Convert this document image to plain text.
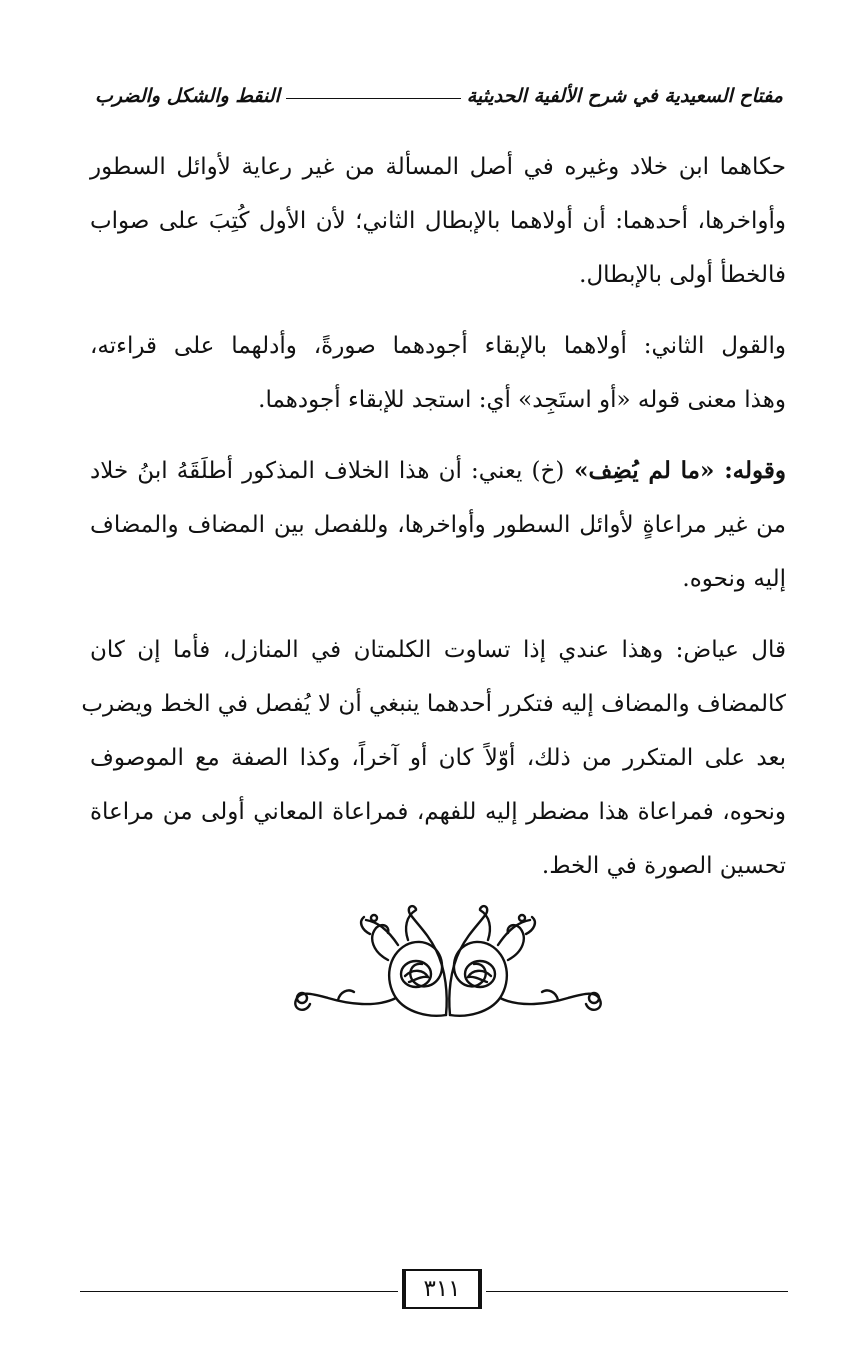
مفتاح السعيدية في شرح الألفية الحديثية
النقط والشكل والضرب
حكاهما ابن خلاد وغيره في أصل المسألة من غير رعاية لأوائل السطور
وأواخرها، أحدهما: أن أولاهما بالإبطال الثاني؛ لأن الأول كُتِبَ على صواب
فالخطأ أولى بالإبطال.
والقول الثاني: أولاهما بالإبقاء أجودهما صورةً، وأدلهما على قراءته،
وهذا معنى قوله «أو استَجِد» أي: استجد للإبقاء أجودهما.
وقوله: «ما لم يُضِف» (خ) يعني: أن هذا الخلاف المذكور أطلَقَهُ ابنُ خلاد
من غير مراعاةٍ لأوائل السطور وأواخرها، وللفصل بين المضاف والمضاف
إليه ونحوه.
قال عياض: وهذا عندي إذا تساوت الكلمتان في المنازل، فأما إن كان
كالمضاف والمضاف إليه فتكرر أحدهما ينبغي أن لا يُفصل في الخط ويضرب
بعد على المتكرر من ذلك، أوّلاً كان أو آخراً، وكذا الصفة مع الموصوف
ونحوه، فمراعاة هذا مضطر إليه للفهم، فمراعاة المعاني أولى من مراعاة
تحسين الصورة في الخط.
٣١١
